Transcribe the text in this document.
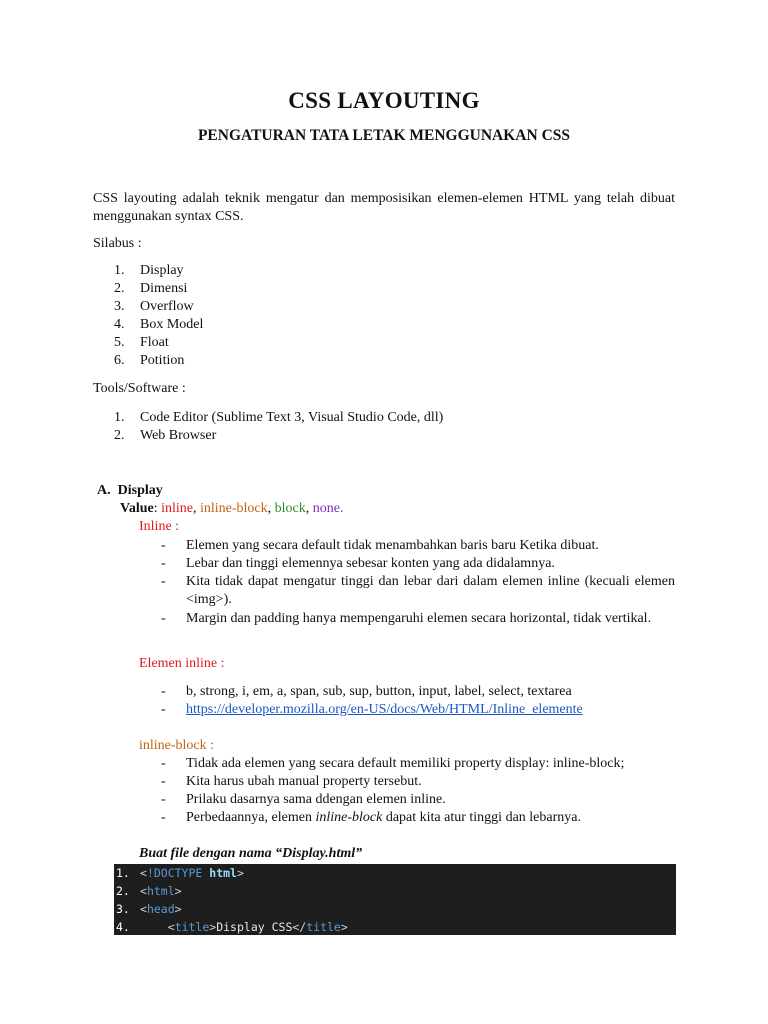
CSS LAYOUTING
PENGATURAN TATA LETAK MENGGUNAKAN CSS
CSS layouting adalah teknik mengatur dan memposisikan elemen-elemen HTML yang telah dibuat menggunakan syntax CSS.
Silabus :
1.	Display
2.	Dimensi
3.	Overflow
4.	Box Model
5.	Float
6.	Potition
Tools/Software :
1.	Code Editor (Sublime Text 3, Visual Studio Code, dll)
2.	Web Browser
A. Display
Value: inline, inline-block, block, none.
Inline :
- Elemen yang secara default tidak menambahkan baris baru Ketika dibuat.
- Lebar dan tinggi elemennya sebesar konten yang ada didalamnya.
- Kita tidak dapat mengatur tinggi dan lebar dari dalam elemen inline (kecuali elemen <img>).
- Margin dan padding hanya mempengaruhi elemen secara horizontal, tidak vertikal.
Elemen inline :
- b, strong, i, em, a, span, sub, sup, button, input, label, select, textarea
- https://developer.mozilla.org/en-US/docs/Web/HTML/Inline_elemente
inline-block :
- Tidak ada elemen yang secara default memiliki property display: inline-block;
- Kita harus ubah manual property tersebut.
- Prilaku dasarnya sama ddengan elemen inline.
- Perbedaannya, elemen inline-block dapat kita atur tinggi dan lebarnya.
Buat file dengan nama “Display.html”
1. <!DOCTYPE html>
2. <html>
3. <head>
4.	<title>Display CSS</title>
